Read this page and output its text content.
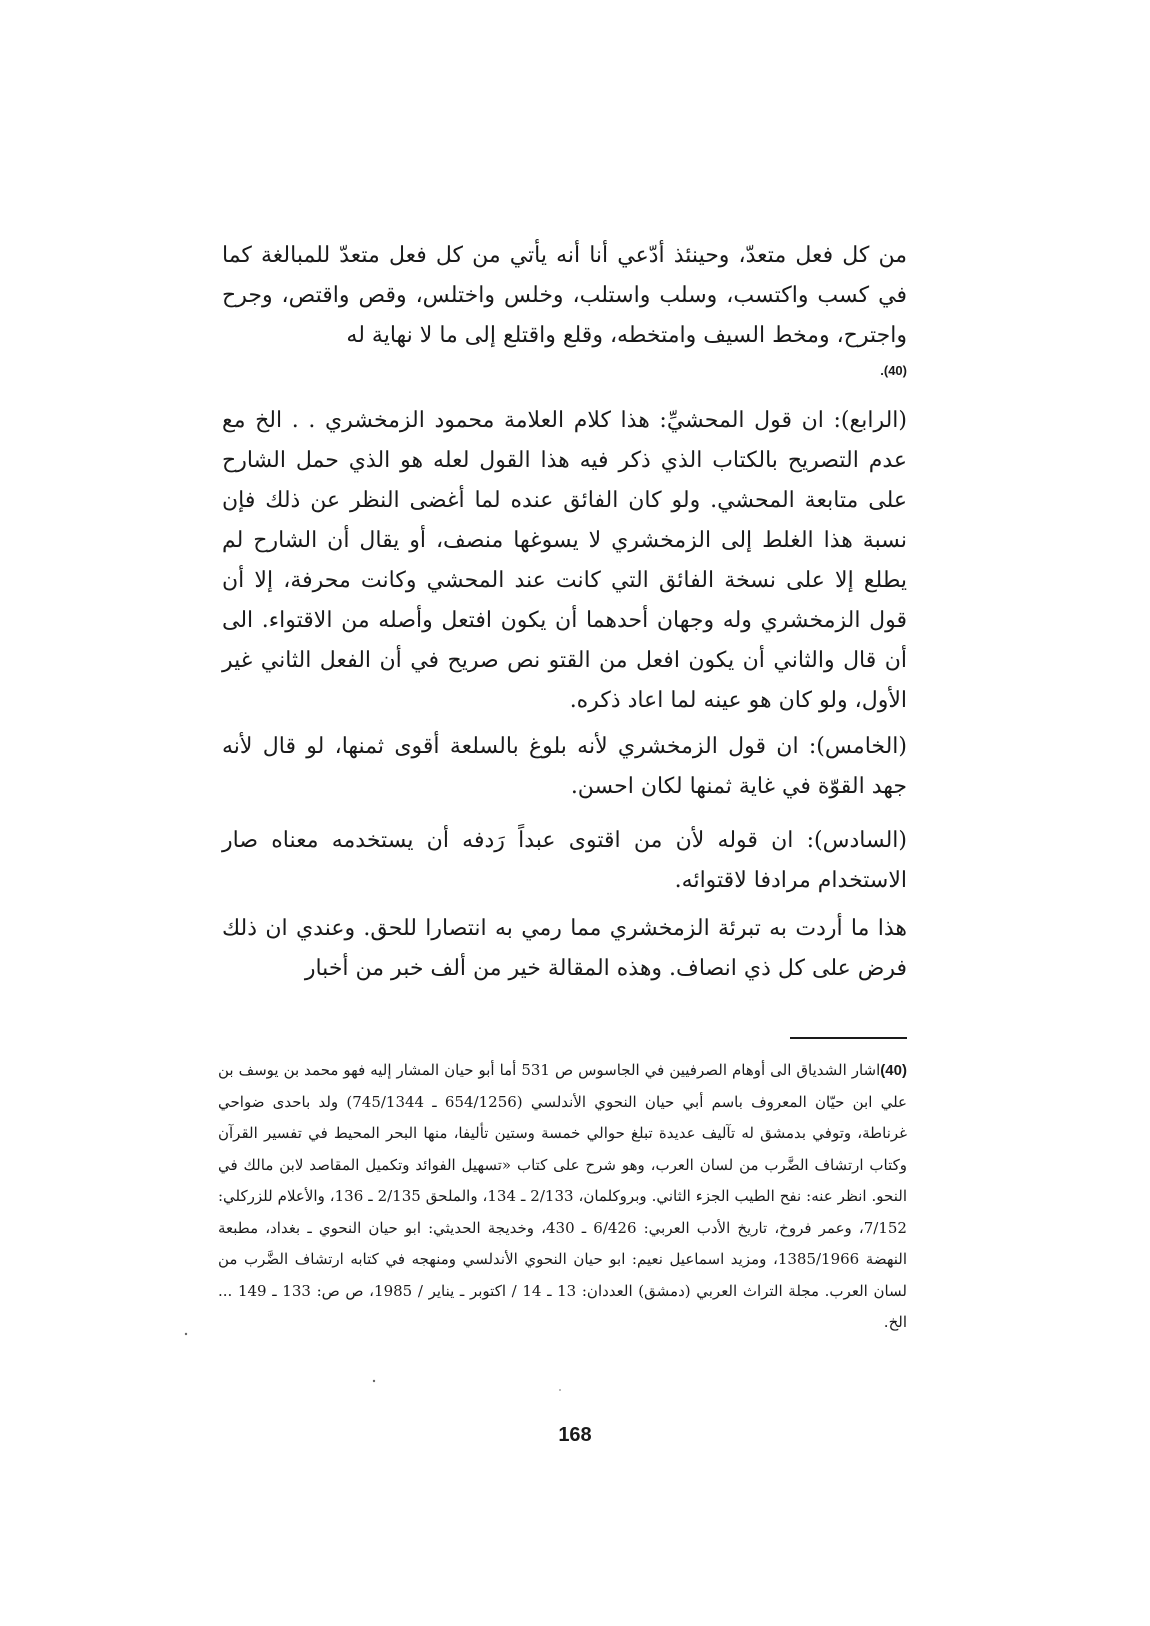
من كل فعل متعدّ، وحينئذ أدّعي أنا أنه يأتي من كل فعل متعدّ للمبالغة كما في كسب واكتسب، وسلب واستلب، وخلس واختلس، وقص واقتص، وجرح واجترح، ومخط السيف وامتخطه، وقلع واقتلع إلى ما لا نهاية له

(40).

(الرابع): ان قول المحشيِّ: هذا كلام العلامة محمود الزمخشري . . الخ مع عدم التصريح بالكتاب الذي ذكر فيه هذا القول لعله هو الذي حمل الشارح على متابعة المحشي. ولو كان الفائق عنده لما أغضى النظر عن ذلك فإن نسبة هذا الغلط إلى الزمخشري لا يسوغها منصف، أو يقال أن الشارح لم يطلع إلا على نسخة الفائق التي كانت عند المحشي وكانت محرفة، إلا أن قول الزمخشري وله وجهان أحدهما أن يكون افتعل وأصله من الاقتواء. الى أن قال والثاني أن يكون افعل من القتو نص صريح في أن الفعل الثاني غير الأول، ولو كان هو عينه لما اعاد ذكره.

(الخامس): ان قول الزمخشري لأنه بلوغ بالسلعة أقوى ثمنها، لو قال لأنه جهد القوّة في غاية ثمنها لكان احسن.

(السادس): ان قوله لأن من اقتوى عبداً رَدفه أن يستخدمه معناه صار الاستخدام مرادفا لاقتوائه.

هذا ما أردت به تبرئة الزمخشري مما رمي به انتصارا للحق. وعندي ان ذلك فرض على كل ذي انصاف. وهذه المقالة خير من ألف خبر من أخبار

(40)اشار الشدياق الى أوهام الصرفيين في الجاسوس ص 531 أما أبو حيان المشار إليه فهو محمد بن يوسف بن علي ابن حيّان المعروف باسم أبي حيان النحوي الأندلسي (654/1256 ـ 745/1344) ولد باحدى ضواحي غرناطة، وتوفي بدمشق له تآليف عديدة تبلغ حوالي خمسة وستين تأليفا، منها البحر المحيط في تفسير القرآن وكتاب ارتشاف الضَّرب من لسان العرب، وهو شرح على كتاب «تسهيل الفوائد وتكميل المقاصد لابن مالك في النحو. انظر عنه: نفح الطيب الجزء الثاني. وبروكلمان، 2/133 ـ 134، والملحق 2/135 ـ 136، والأعلام للزركلي: 7/152، وعمر فروخ، تاريخ الأدب العربي: 6/426 ـ 430، وخديجة الحديثي: ابو حيان النحوي ـ بغداد، مطبعة النهضة 1385/1966، ومزيد اسماعيل نعيم: ابو حيان النحوي الأندلسي ومنهجه في كتابه ارتشاف الضَّرب من لسان العرب. مجلة التراث العربي (دمشق) العددان: 13 ـ 14 / اكتوبر ـ يناير / 1985، ص ص: 133 ـ 149 ... الخ.

168
